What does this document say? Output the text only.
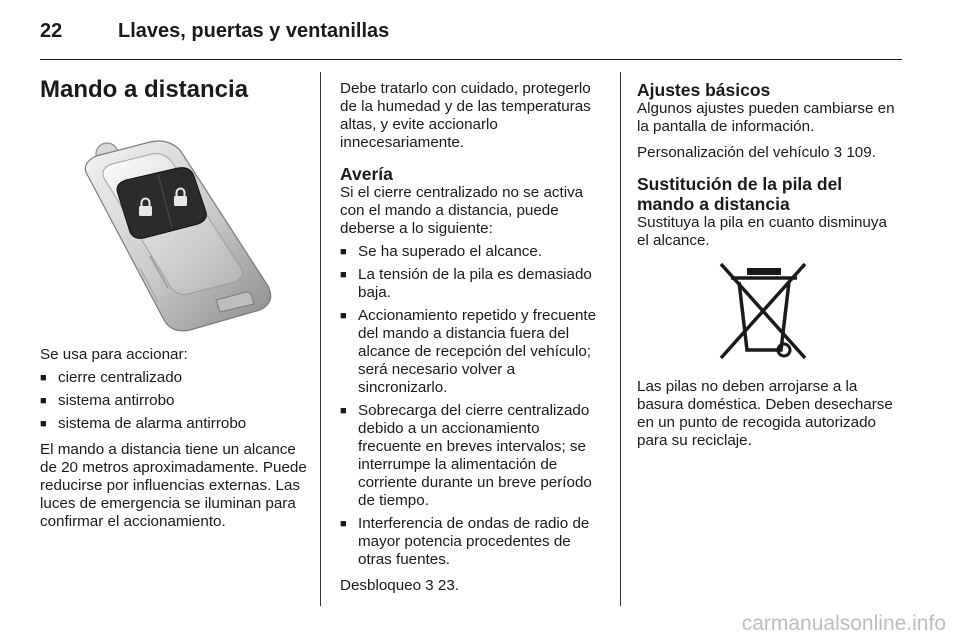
22	Llaves, puertas y ventanillas
Mando a distancia

Se usa para accionar:

■ cierre centralizado
■ sistema antirrobo
■ sistema de alarma antirrobo

El mando a distancia tiene un alcance de 20 metros aproximadamente. Puede reducirse por influencias externas. Las luces de emergencia se iluminan para confirmar el accionamiento.

Debe tratarlo con cuidado, protegerlo de la humedad y de las temperaturas altas, y evite accionarlo innecesariamente.

Avería

Si el cierre centralizado no se activa con el mando a distancia, puede deberse a lo siguiente:

■ Se ha superado el alcance.
■ La tensión de la pila es demasiado baja.
■ Accionamiento repetido y frecuente del mando a distancia fuera del alcance de recepción del vehículo; será necesario volver a sincronizarlo.
■ Sobrecarga del cierre centralizado debido a un accionamiento frecuente en breves intervalos; se interrumpe la alimentación de corriente durante un breve período de tiempo.
■ Interferencia de ondas de radio de mayor potencia procedentes de otras fuentes.

Desbloqueo 3 23.

Ajustes básicos

Algunos ajustes pueden cambiarse en la pantalla de información.

Personalización del vehículo 3 109.

Sustitución de la pila del mando a distancia

Sustituya la pila en cuanto disminuya el alcance.

Las pilas no deben arrojarse a la basura doméstica. Deben desecharse en un punto de recogida autorizado para su reciclaje.

carmanualsonline.info
